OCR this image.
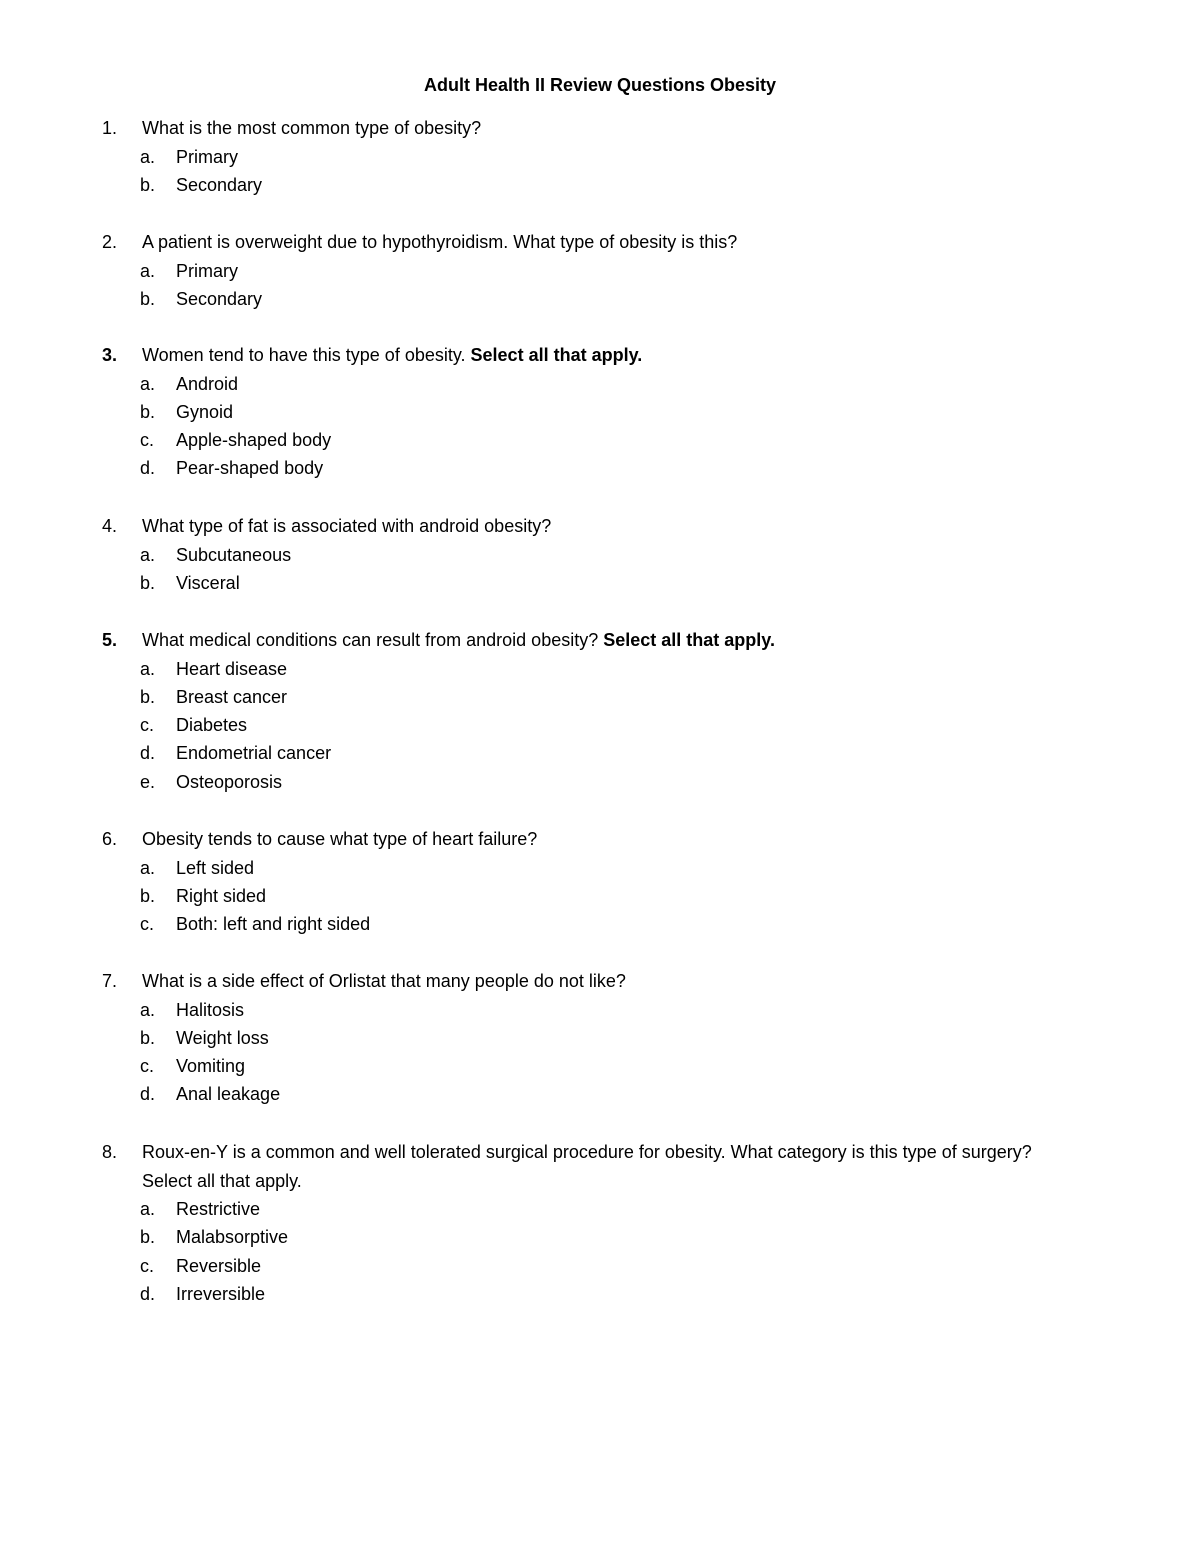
Adult Health II Review Questions Obesity
1.	What is the most common type of obesity?
a.	Primary
b.	Secondary
2.	A patient is overweight due to hypothyroidism. What type of obesity is this?
a.	Primary
b.	Secondary
3.	Women tend to have this type of obesity. Select all that apply.
a.	Android
b.	Gynoid
c.	Apple-shaped body
d.	Pear-shaped body
4.	What type of fat is associated with android obesity?
a.	Subcutaneous
b.	Visceral
5.	What medical conditions can result from android obesity? Select all that apply.
a.	Heart disease
b.	Breast cancer
c.	Diabetes
d.	Endometrial cancer
e.	Osteoporosis
6.	Obesity tends to cause what type of heart failure?
a.	Left sided
b.	Right sided
c.	Both: left and right sided
7.	What is a side effect of Orlistat that many people do not like?
a.	Halitosis
b.	Weight loss
c.	Vomiting
d.	Anal leakage
8.	Roux-en-Y is a common and well tolerated surgical procedure for obesity. What category is this type of surgery?
Select all that apply.
a.	Restrictive
b.	Malabsorptive
c.	Reversible
d.	Irreversible
